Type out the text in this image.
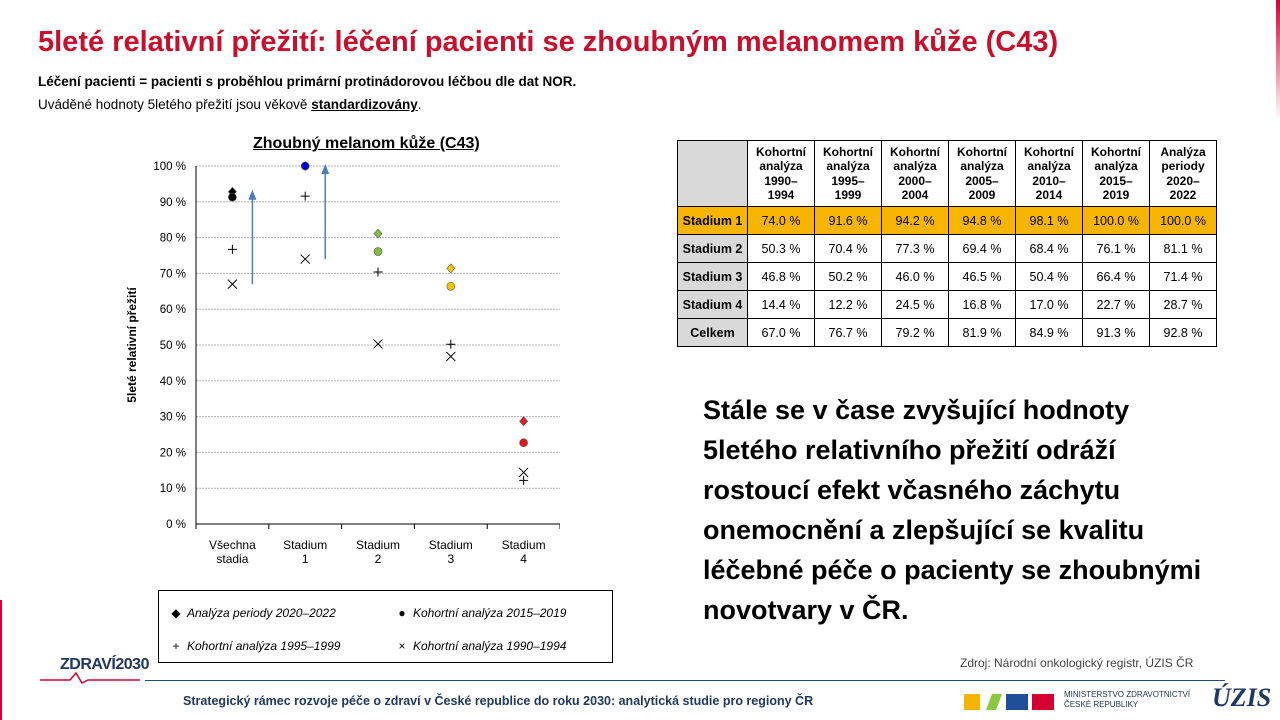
5leté relativní přežití: léčení pacienti se zhoubným melanomem kůže (C43)
Léčení pacienti = pacienti s proběhlou primární protinádorovou léčbou dle dat NOR.
Uváděné hodnoty 5letého přežití jsou věkově standardizovány.
Zhoubný melanom kůže (C43)
0 %
10 %
20 %
30 %
40 %
50 %
60 %
70 %
80 %
90 %
100 %
Všechna
stadia
Stadium
1
Stadium
2
Stadium
3
Stadium
4
5leté relativní přežití
◆ Analýza periody 2020–2022	● Kohortní analýza 2015–2019
+ Kohortní analýza 1995–1999	× Kohortní analýza 1990–1994
	Kohortní
analýza
1990–
1994	Kohortní
analýza
1995–
1999	Kohortní
analýza
2000–
2004	Kohortní
analýza
2005–
2009	Kohortní
analýza
2010–
2014	Kohortní
analýza
2015–
2019	Analýza
periody
2020–
2022
Stadium 1	74.0 %	91.6 %	94.2 %	94.8 %	98.1 %	100.0 %	100.0 %
Stadium 2	50.3 %	70.4 %	77.3 %	69.4 %	68.4 %	76.1 %	81.1 %
Stadium 3	46.8 %	50.2 %	46.0 %	46.5 %	50.4 %	66.4 %	71.4 %
Stadium 4	14.4 %	12.2 %	24.5 %	16.8 %	17.0 %	22.7 %	28.7 %
Celkem	67.0 %	76.7 %	79.2 %	81.9 %	84.9 %	91.3 %	92.8 %
Stále se v čase zvyšující hodnoty 5letého relativního přežití odráží rostoucí efekt včasného záchytu onemocnění a zlepšující se kvalitu léčebné péče o pacienty se zhoubnými novotvary v ČR.
Zdroj: Národní onkologický registr, ÚZIS ČR
ZDRAVÍ2030
Strategický rámec rozvoje péče o zdraví v České republice do roku 2030: analytická studie pro regiony ČR	MINISTERSTVO ZDRAVOTNICTVÍ
ČESKÉ REPUBLIKY	ÚZIS
